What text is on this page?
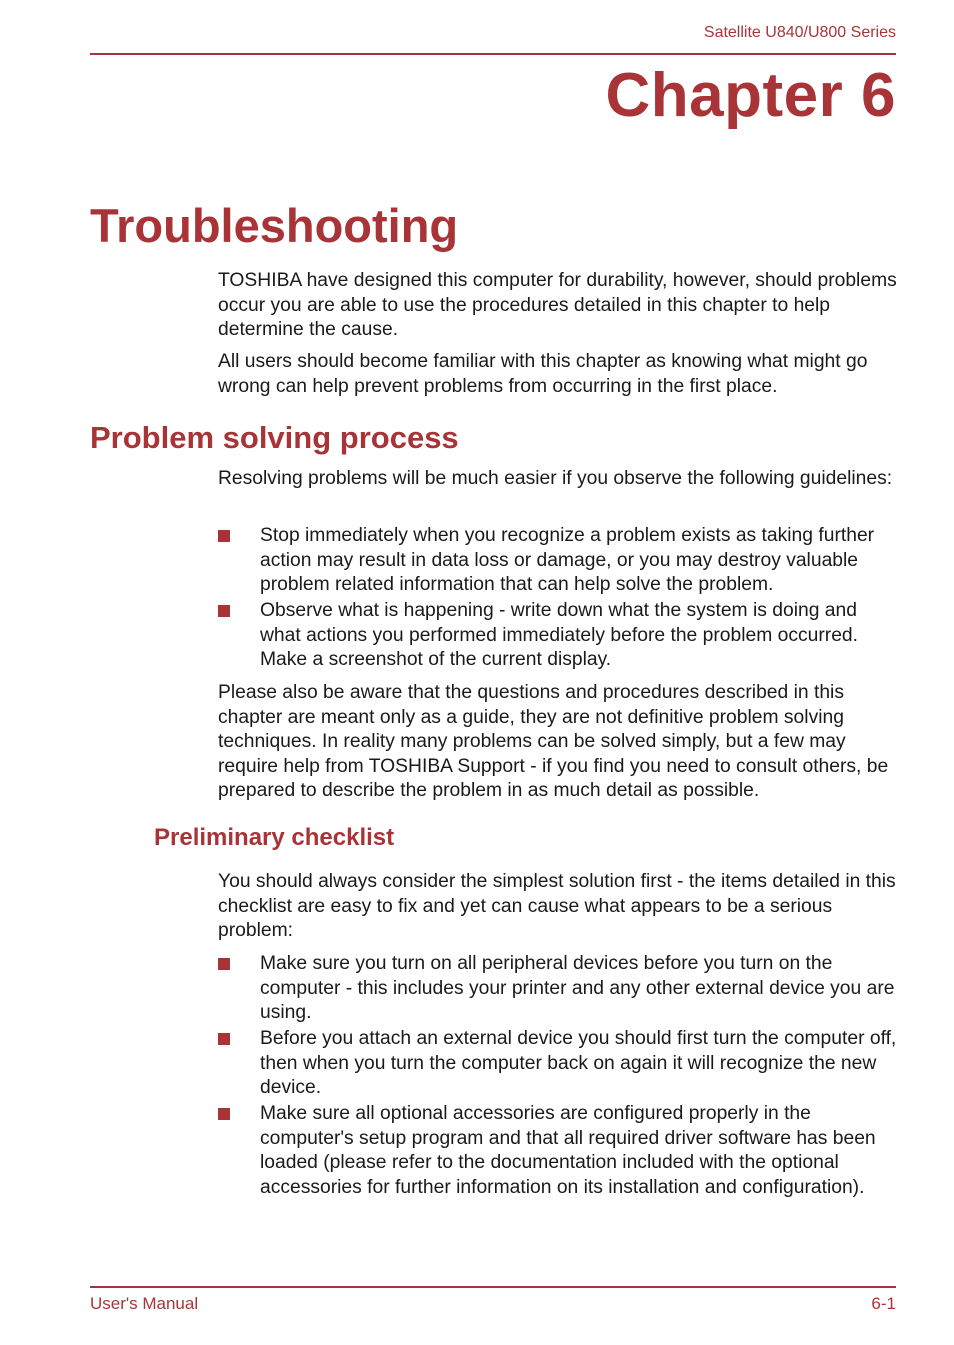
Satellite U840/U800 Series
Chapter 6
Troubleshooting

TOSHIBA have designed this computer for durability, however, should problems occur you are able to use the procedures detailed in this chapter to help determine the cause.

All users should become familiar with this chapter as knowing what might go wrong can help prevent problems from occurring in the first place.

Problem solving process

Resolving problems will be much easier if you observe the following guidelines:

Stop immediately when you recognize a problem exists as taking further action may result in data loss or damage, or you may destroy valuable problem related information that can help solve the problem.
Observe what is happening - write down what the system is doing and what actions you performed immediately before the problem occurred. Make a screenshot of the current display.

Please also be aware that the questions and procedures described in this chapter are meant only as a guide, they are not definitive problem solving techniques. In reality many problems can be solved simply, but a few may require help from TOSHIBA Support - if you find you need to consult others, be prepared to describe the problem in as much detail as possible.

Preliminary checklist

You should always consider the simplest solution first - the items detailed in this checklist are easy to fix and yet can cause what appears to be a serious problem:

Make sure you turn on all peripheral devices before you turn on the computer - this includes your printer and any other external device you are using.
Before you attach an external device you should first turn the computer off, then when you turn the computer back on again it will recognize the new device.
Make sure all optional accessories are configured properly in the computer's setup program and that all required driver software has been loaded (please refer to the documentation included with the optional accessories for further information on its installation and configuration).
User's Manual	6-1
